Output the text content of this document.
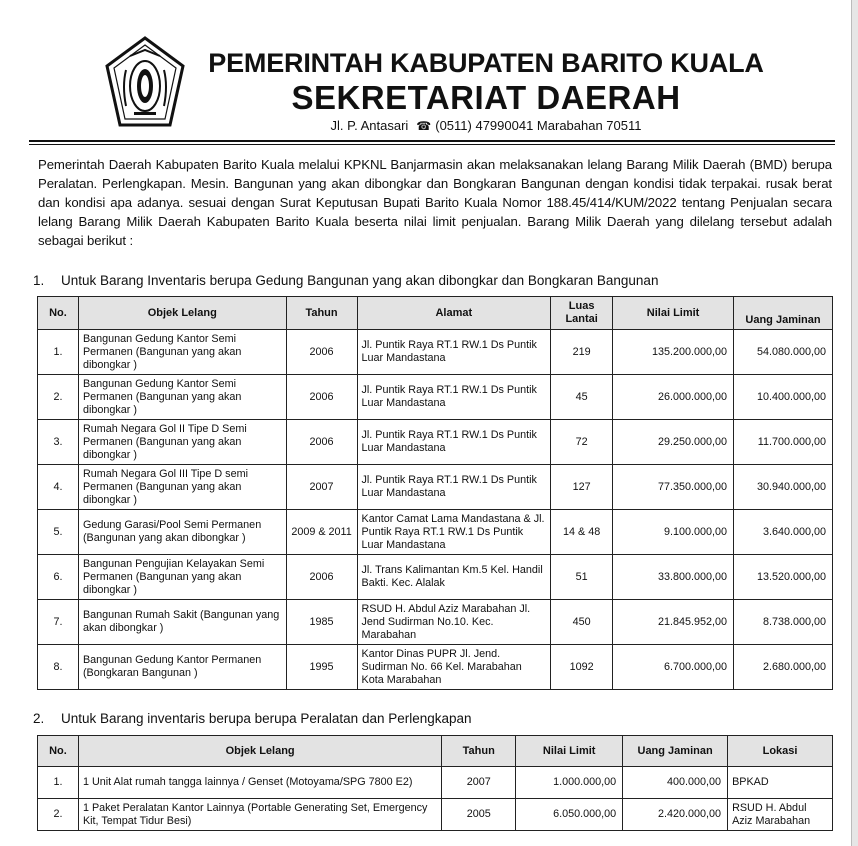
PEMERINTAH KABUPATEN BARITO KUALA
SEKRETARIAT DAERAH
Jl. P. Antasari ☎ (0511) 47990041 Marabahan 70511
Pemerintah Daerah Kabupaten Barito Kuala melalui KPKNL Banjarmasin akan melaksanakan lelang Barang Milik Daerah (BMD) berupa Peralatan. Perlengkapan. Mesin. Bangunan yang akan dibongkar dan Bongkaran Bangunan dengan kondisi tidak terpakai. rusak berat dan kondisi apa adanya. sesuai dengan Surat Keputusan Bupati Barito Kuala Nomor 188.45/414/KUM/2022 tentang Penjualan secara lelang Barang Milik Daerah Kabupaten Barito Kuala beserta nilai limit penjualan. Barang Milik Daerah yang dilelang tersebut adalah sebagai berikut :
1. Untuk Barang Inventaris berupa Gedung Bangunan yang akan dibongkar dan Bongkaran Bangunan
No.	Objek Lelang	Tahun	Alamat	Luas Lantai	Nilai Limit	Uang Jaminan
1.	Bangunan Gedung Kantor Semi Permanen (Bangunan yang akan dibongkar )	2006	Jl. Puntik Raya RT.1 RW.1 Ds Puntik Luar Mandastana	219	135.200.000,00	54.080.000,00
2.	Bangunan Gedung Kantor Semi Permanen (Bangunan yang akan dibongkar )	2006	Jl. Puntik Raya RT.1 RW.1 Ds Puntik Luar Mandastana	45	26.000.000,00	10.400.000,00
3.	Rumah Negara Gol II Tipe D Semi Permanen (Bangunan yang akan dibongkar )	2006	Jl. Puntik Raya RT.1 RW.1 Ds Puntik Luar Mandastana	72	29.250.000,00	11.700.000,00
4.	Rumah Negara Gol III Tipe D semi Permanen (Bangunan yang akan dibongkar )	2007	Jl. Puntik Raya RT.1 RW.1 Ds Puntik Luar Mandastana	127	77.350.000,00	30.940.000,00
5.	Gedung Garasi/Pool Semi Permanen (Bangunan yang akan dibongkar )	2009 & 2011	Kantor Camat Lama Mandastana & Jl. Puntik Raya RT.1 RW.1 Ds Puntik Luar Mandastana	14 & 48	9.100.000,00	3.640.000,00
6.	Bangunan Pengujian Kelayakan Semi Permanen (Bangunan yang akan dibongkar )	2006	Jl. Trans Kalimantan Km.5 Kel. Handil Bakti. Kec. Alalak	51	33.800.000,00	13.520.000,00
7.	Bangunan Rumah Sakit (Bangunan yang akan dibongkar )	1985	RSUD H. Abdul Aziz Marabahan Jl. Jend Sudirman No.10. Kec. Marabahan	450	21.845.952,00	8.738.000,00
8.	Bangunan Gedung Kantor Permanen (Bongkaran Bangunan )	1995	Kantor Dinas PUPR Jl. Jend. Sudirman No. 66 Kel. Marabahan Kota Marabahan	1092	6.700.000,00	2.680.000,00
2. Untuk Barang inventaris berupa berupa Peralatan dan Perlengkapan
No.	Objek Lelang	Tahun	Nilai Limit	Uang Jaminan	Lokasi
1.	1 Unit Alat rumah tangga lainnya / Genset (Motoyama/SPG 7800 E2)	2007	1.000.000,00	400.000,00	BPKAD
2.	1 Paket Peralatan Kantor Lainnya (Portable Generating Set, Emergency Kit, Tempat Tidur Besi)	2005	6.050.000,00	2.420.000,00	RSUD H. Abdul Aziz Marabahan
